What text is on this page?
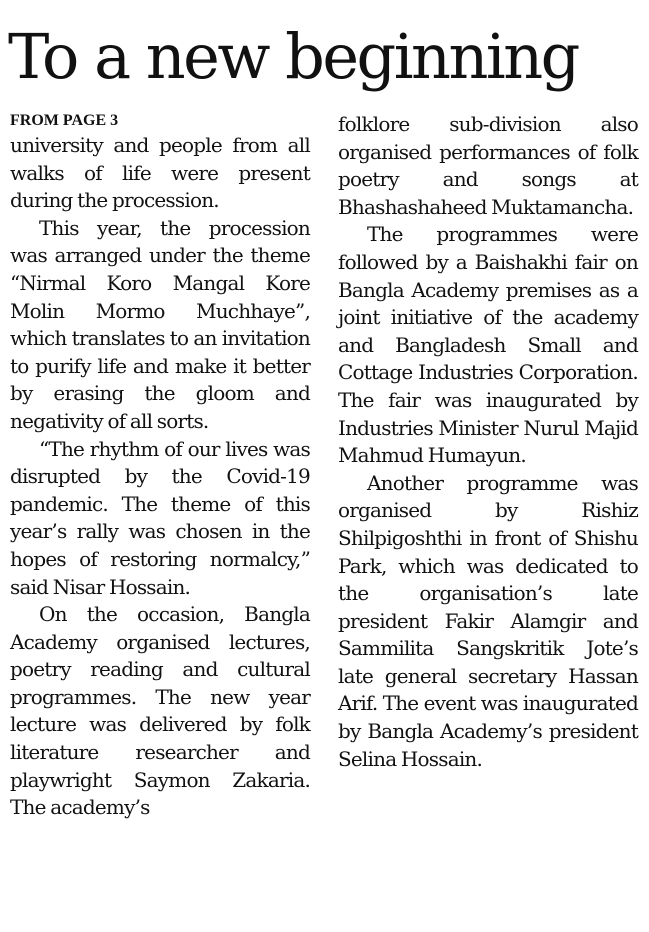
To a new beginning
FROM PAGE 3

university and people from all walks of life were present during the procession.

This year, the procession was arranged under the theme “Nirmal Koro Mangal Kore Molin Mormo Muchhaye”, which translates to an invitation to purify life and make it better by erasing the gloom and negativity of all sorts.

“The rhythm of our lives was disrupted by the Covid-19 pandemic. The theme of this year’s rally was chosen in the hopes of restoring normalcy,” said Nisar Hossain.

On the occasion, Bangla Academy organised lectures, poetry reading and cultural programmes. The new year lecture was delivered by folk literature researcher and playwright Saymon Zakaria. The academy’s

folklore sub-division also organised performances of folk poetry and songs at Bhashashaheed Muktamancha.

The programmes were followed by a Baishakhi fair on Bangla Academy premises as a joint initiative of the academy and Bangladesh Small and Cottage Industries Corporation. The fair was inaugurated by Industries Minister Nurul Majid Mahmud Humayun.

Another programme was organised by Rishiz Shilpigoshthi in front of Shishu Park, which was dedicated to the organisation’s late president Fakir Alamgir and Sammilita Sangskritik Jote’s late general secretary Hassan Arif. The event was inaugurated by Bangla Academy’s president Selina Hossain.
